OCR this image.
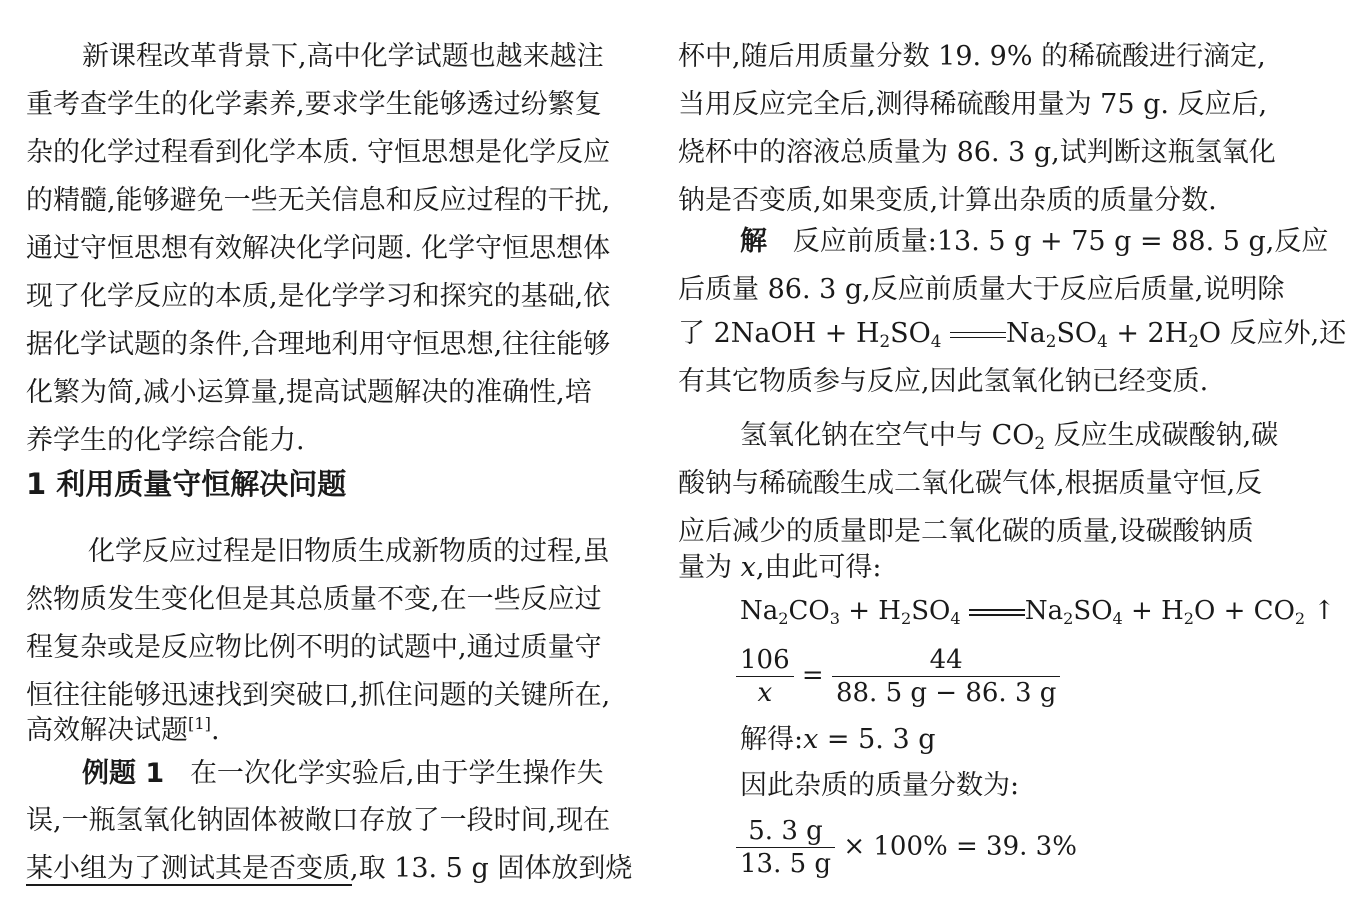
新课程改革背景下,高中化学试题也越来越注
重考查学生的化学素养,要求学生能够透过纷繁复
杂的化学过程看到化学本质. 守恒思想是化学反应
的精髓,能够避免一些无关信息和反应过程的干扰,
通过守恒思想有效解决化学问题. 化学守恒思想体
现了化学反应的本质,是化学学习和探究的基础,依
据化学试题的条件,合理地利用守恒思想,往往能够
化繁为简,减小运算量,提高试题解决的准确性,培
养学生的化学综合能力.
1 利用质量守恒解决问题
化学反应过程是旧物质生成新物质的过程,虽
然物质发生变化但是其总质量不变,在一些反应过
程复杂或是反应物比例不明的试题中,通过质量守
恒往往能够迅速找到突破口,抓住问题的关键所在,
高效解决试题[1].
例题 1 在一次化学实验后,由于学生操作失
误,一瓶氢氧化钠固体被敞口存放了一段时间,现在
某小组为了测试其是否变质,取 13. 5 g 固体放到烧
杯中,随后用质量分数 19. 9% 的稀硫酸进行滴定,
当用反应完全后,测得稀硫酸用量为 75 g. 反应后,
烧杯中的溶液总质量为 86. 3 g,试判断这瓶氢氧化
钠是否变质,如果变质,计算出杂质的质量分数.
解 反应前质量:13. 5 g + 75 g = 88. 5 g,反应
后质量 86. 3 g,反应前质量大于反应后质量,说明除
了 2NaOH + $H_2SO_4$ $Na_2SO_4 + 2H_2O$ 反应外,还
有其它物质参与反应,因此氢氧化钠已经变质.
氢氧化钠在空气中与 $CO_2$ 反应生成碳酸钠,碳
酸钠与稀硫酸生成二氧化碳气体,根据质量守恒,反
应后减少的质量即是二氧化碳的质量,设碳酸钠质
量为 x,由此可得:
$Na_2CO_3 + H_2SO_4$ $Na_2SO_4 + H_2O + CO_2$ ↑
$\frac{106}{x} = \frac{44}{88. 5 g - 86. 3 g}$
解得:x = 5. 3 g
因此杂质的质量分数为:
$\frac{5. 3 g}{13. 5 g} \times 100\% = 39$. 3%
